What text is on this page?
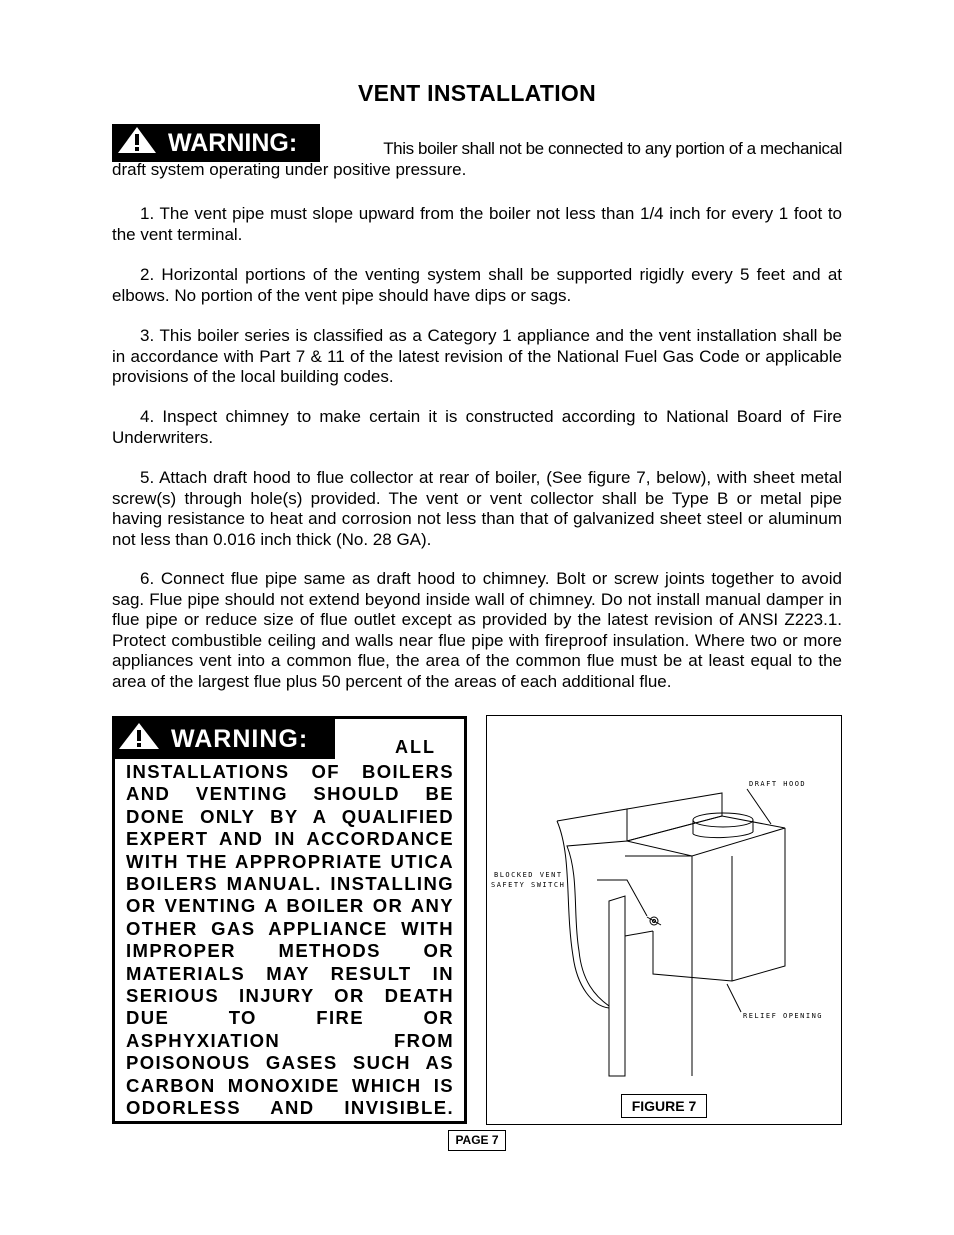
VENT INSTALLATION
WARNING:	This boiler shall not be connected to any portion of a mechanical
draft system operating under positive pressure.

1. The vent pipe must slope upward from the boiler not less than 1/4 inch for every 1 foot to the vent terminal.

2. Horizontal portions of the venting system shall be supported rigidly every 5 feet and at elbows. No portion of the vent pipe should have dips or sags.

3. This boiler series is classified as a Category 1 appliance and the vent installation shall be in accordance with Part 7 & 11 of the latest revision of the National Fuel Gas Code or applicable provisions of the local building codes.

4. Inspect chimney to make certain it is constructed according to National Board of Fire Underwriters.

5. Attach draft hood to flue collector at rear of boiler, (See figure 7, below), with sheet metal screw(s) through hole(s) provided. The vent or vent collector shall be Type B or metal pipe having resistance to heat and corrosion not less than that of galvanized sheet steel or aluminum not less than 0.016 inch thick (No. 28 GA).

6. Connect flue pipe same as draft hood to chimney. Bolt or screw joints together to avoid sag. Flue pipe should not extend beyond inside wall of chimney. Do not install manual damper in flue pipe or reduce size of flue outlet except as provided by the latest revision of ANSI Z223.1. Protect combustible ceiling and walls near flue pipe with fireproof insulation. Where two or more appliances vent into a common flue, the area of the common flue must be at least equal to the area of the largest flue plus 50 percent of the areas of each additional flue.

WARNING:	ALL
INSTALLATIONS OF BOILERS AND VENTING SHOULD BE DONE ONLY BY A QUALIFIED EXPERT AND IN ACCORDANCE WITH THE APPROPRIATE UTICA BOILERS MANUAL. INSTALLING OR VENTING A BOILER OR ANY OTHER GAS APPLIANCE WITH IMPROPER METHODS OR MATERIALS MAY RESULT IN SERIOUS INJURY OR DEATH DUE TO FIRE OR ASPHYXIATION FROM POISONOUS GASES SUCH AS CARBON MONOXIDE WHICH IS ODORLESS AND INVISIBLE.
DRAFT HOOD
BLOCKED VENT
SAFETY SWITCH
RELIEF OPENING
FIGURE 7
PAGE 7
